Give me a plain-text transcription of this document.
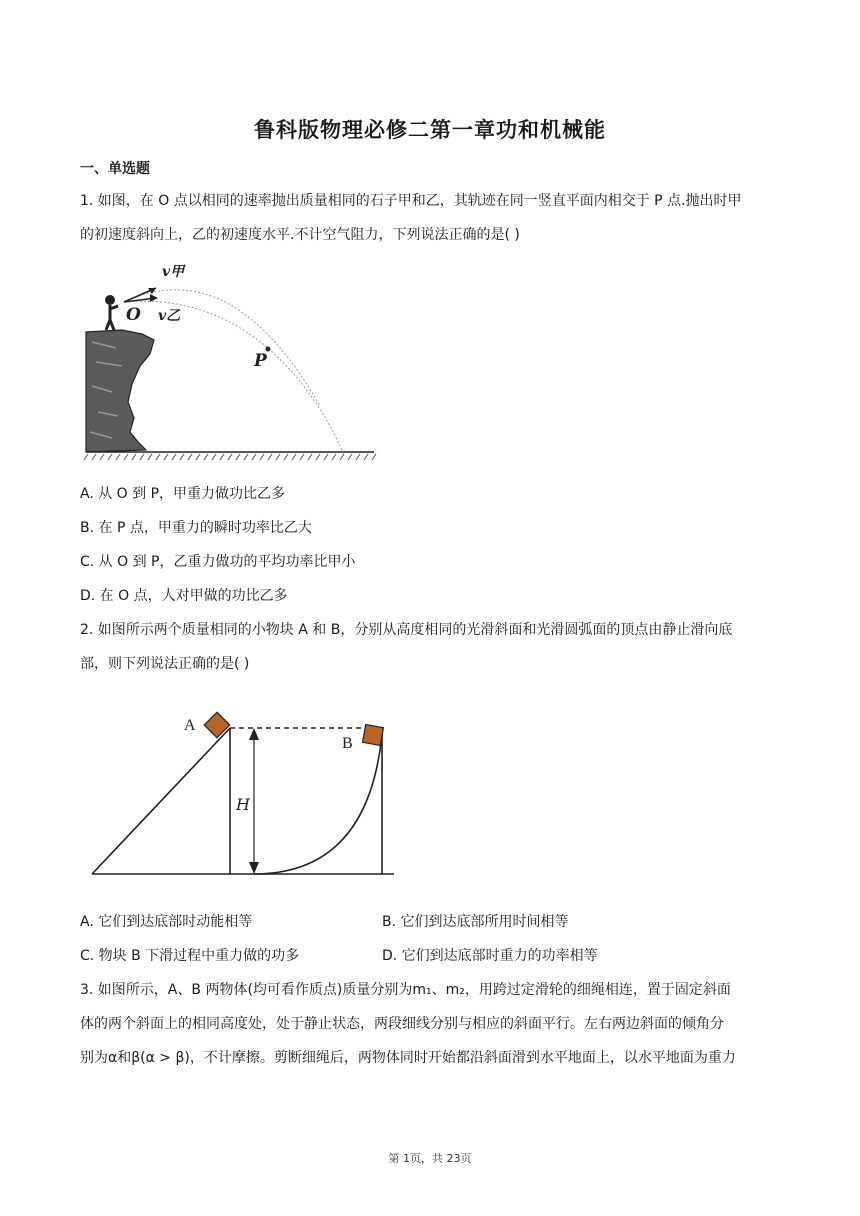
鲁科版物理必修二第一章功和机械能
一、单选题
1. 如图，在 O 点以相同的速率抛出质量相同的石子甲和乙，其轨迹在同一竖直平面内相交于 P 点.抛出时甲
的初速度斜向上，乙的初速度水平.不计空气阻力，下列说法正确的是( )
v甲
v乙
O
P
A. 从 O 到 P，甲重力做功比乙多
B. 在 P 点，甲重力的瞬时功率比乙大
C. 从 O 到 P，乙重力做功的平均功率比甲小
D. 在 O 点，人对甲做的功比乙多
2. 如图所示两个质量相同的小物块 A 和 B，分别从高度相同的光滑斜面和光滑圆弧面的顶点由静止滑向底
部，则下列说法正确的是( )
A
B
H
A. 它们到达底部时动能相等	B. 它们到达底部所用时间相等
C. 物块 B 下滑过程中重力做的功多	D. 它们到达底部时重力的功率相等
3. 如图所示，A、B 两物体(均可看作质点)质量分别为m₁、m₂，用跨过定滑轮的细绳相连，置于固定斜面
体的两个斜面上的相同高度处，处于静止状态，两段细线分别与相应的斜面平行。左右两边斜面的倾角分
别为α和β(α > β)，不计摩擦。剪断细绳后，两物体同时开始都沿斜面滑到水平地面上，以水平地面为重力
第 1页，共 23页
